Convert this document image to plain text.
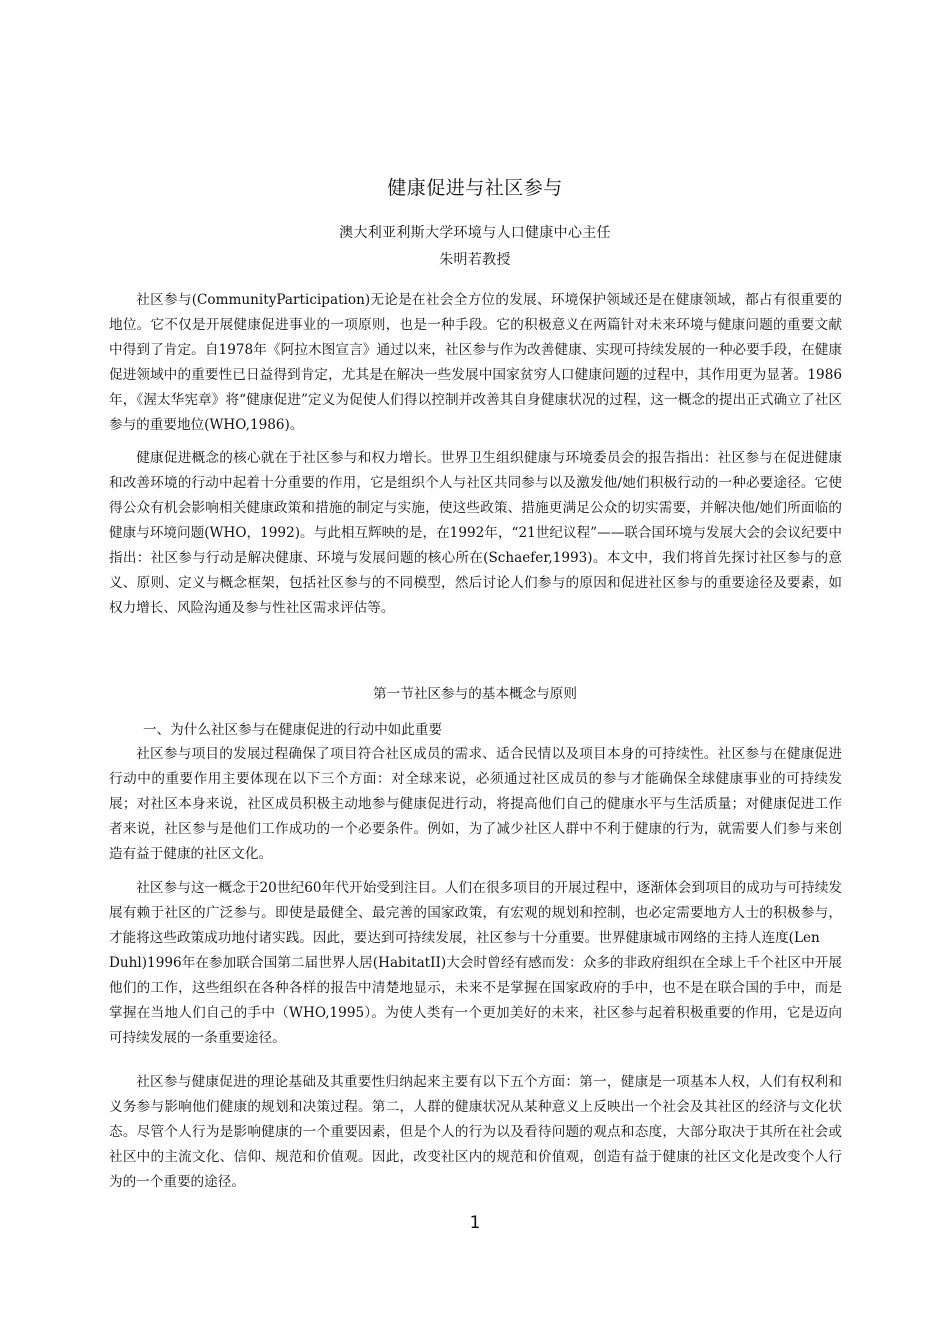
健康促进与社区参与
澳大利亚利斯大学环境与人口健康中心主任
朱明若教授

社区参与(CommunityParticipation)无论是在社会全方位的发展、环境保护领域还是在健康领域，都占有很重要的地位。它不仅是开展健康促进事业的一项原则，也是一种手段。它的积极意义在两篇针对未来环境与健康问题的重要文献中得到了肯定。自1978年《阿拉木图宣言》通过以来，社区参与作为改善健康、实现可持续发展的一种必要手段，在健康促进领域中的重要性已日益得到肯定，尤其是在解决一些发展中国家贫穷人口健康问题的过程中，其作用更为显著。1986年，《渥太华宪章》将“健康促进”定义为促使人们得以控制并改善其自身健康状况的过程，这一概念的提出正式确立了社区参与的重要地位(WHO,1986)。

健康促进概念的核心就在于社区参与和权力增长。世界卫生组织健康与环境委员会的报告指出：社区参与在促进健康和改善环境的行动中起着十分重要的作用，它是组织个人与社区共同参与以及激发他/她们积极行动的一种必要途径。它使得公众有机会影响相关健康政策和措施的制定与实施，使这些政策、措施更满足公众的切实需要，并解决他/她们所面临的健康与环境问题(WHO，1992)。与此相互辉映的是，在1992年，“21世纪议程”——联合国环境与发展大会的会议纪要中指出：社区参与行动是解决健康、环境与发展问题的核心所在(Schaefer,1993)。本文中，我们将首先探讨社区参与的意义、原则、定义与概念框架，包括社区参与的不同模型，然后讨论人们参与的原因和促进社区参与的重要途径及要素，如权力增长、风险沟通及参与性社区需求评估等。

第一节社区参与的基本概念与原则
一、为什么社区参与在健康促进的行动中如此重要

社区参与项目的发展过程确保了项目符合社区成员的需求、适合民情以及项目本身的可持续性。社区参与在健康促进行动中的重要作用主要体现在以下三个方面：对全球来说，必须通过社区成员的参与才能确保全球健康事业的可持续发展；对社区本身来说，社区成员积极主动地参与健康促进行动，将提高他们自己的健康水平与生活质量；对健康促进工作者来说，社区参与是他们工作成功的一个必要条件。例如，为了减少社区人群中不利于健康的行为，就需要人们参与来创造有益于健康的社区文化。

社区参与这一概念于20世纪60年代开始受到注目。人们在很多项目的开展过程中，逐渐体会到项目的成功与可持续发展有赖于社区的广泛参与。即使是最健全、最完善的国家政策，有宏观的规划和控制，也必定需要地方人士的积极参与，才能将这些政策成功地付诸实践。因此，要达到可持续发展，社区参与十分重要。世界健康城市网络的主持人连度(Len

Duhl)1996年在参加联合国第二届世界人居(HabitatII)大会时曾经有感而发：众多的非政府组织在全球上千个社区中开展他们的工作，这些组织在各种各样的报告中清楚地显示，未来不是掌握在国家政府的手中，也不是在联合国的手中，而是掌握在当地人们自己的手中（WHO,1995）。为使人类有一个更加美好的未来，社区参与起着积极重要的作用，它是迈向可持续发展的一条重要途径。

社区参与健康促进的理论基础及其重要性归纳起来主要有以下五个方面：第一，健康是一项基本人权，人们有权利和义务参与影响他们健康的规划和决策过程。第二，人群的健康状况从某种意义上反映出一个社会及其社区的经济与文化状态。尽管个人行为是影响健康的一个重要因素，但是个人的行为以及看待问题的观点和态度，大部分取决于其所在社会或社区中的主流文化、信仰、规范和价值观。因此，改变社区内的规范和价值观，创造有益于健康的社区文化是改变个人行为的一个重要的途径。

1
